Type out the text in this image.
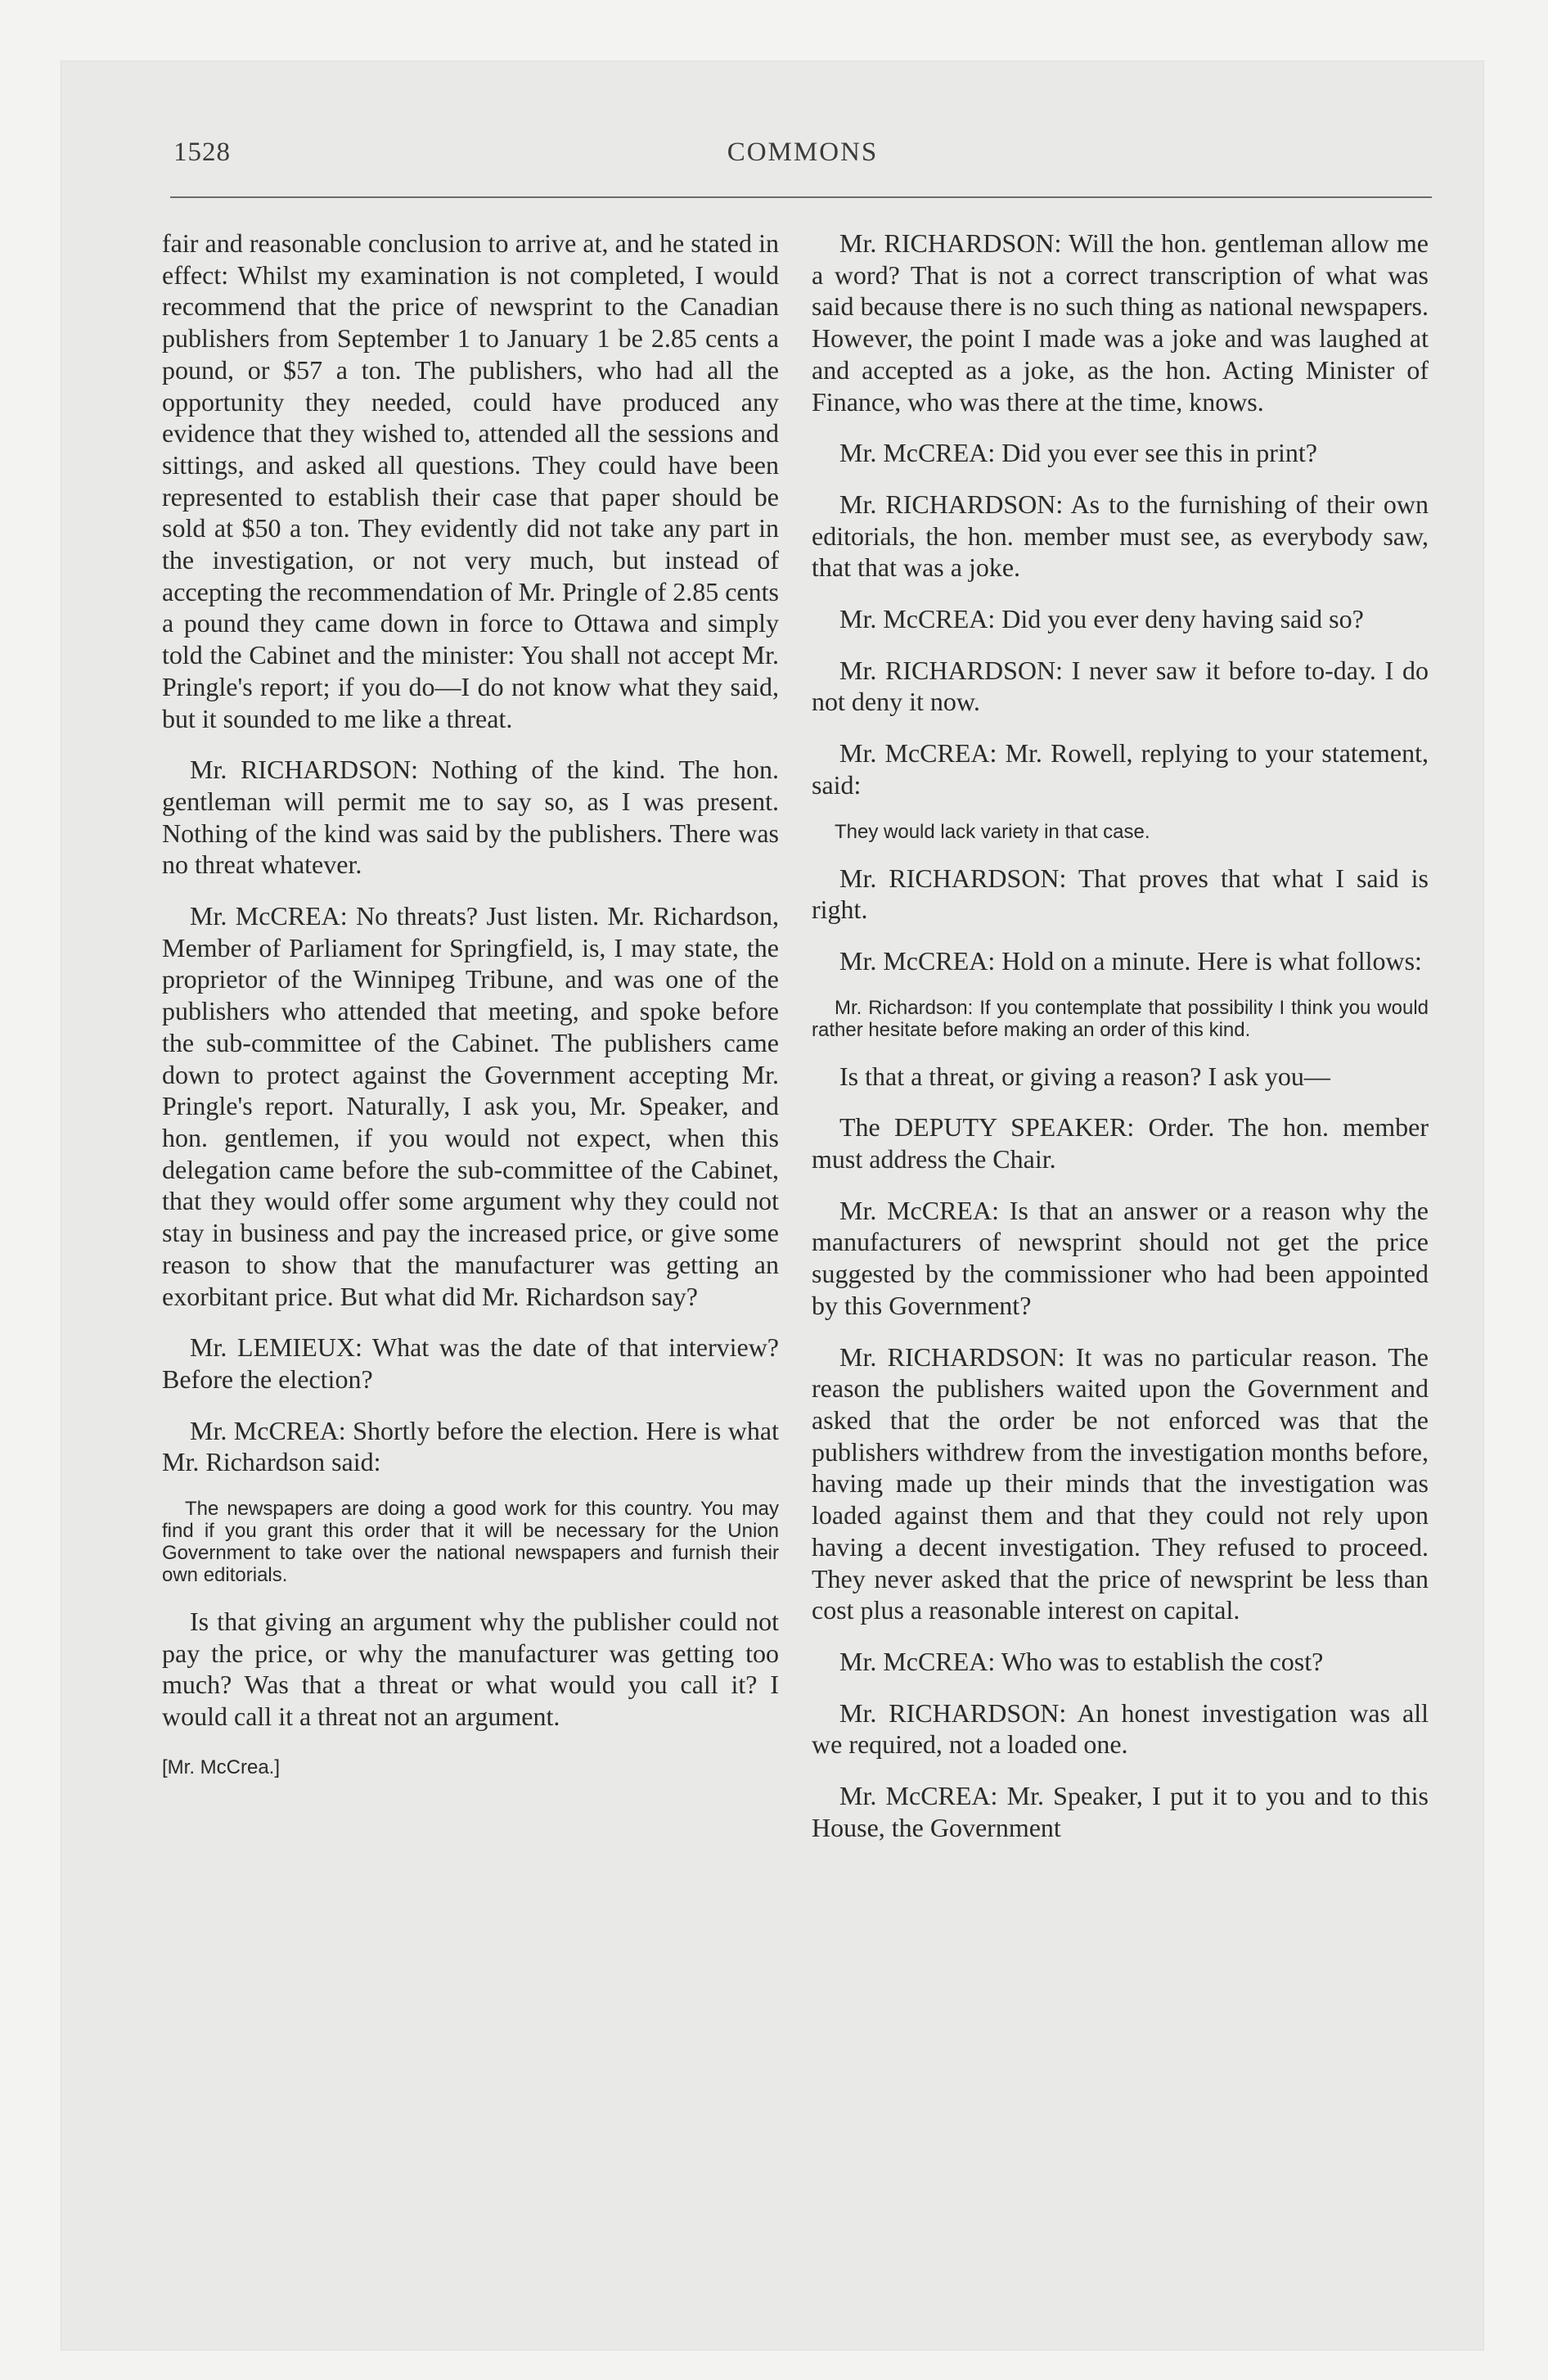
1528	COMMONS

fair and reasonable conclusion to arrive at, and he stated in effect: Whilst my examination is not completed, I would recommend that the price of newsprint to the Canadian publishers from September 1 to January 1 be 2.85 cents a pound, or $57 a ton. The publishers, who had all the opportunity they needed, could have produced any evidence that they wished to, attended all the sessions and sittings, and asked all questions. They could have been represented to establish their case that paper should be sold at $50 a ton. They evidently did not take any part in the investigation, or not very much, but instead of accepting the recommendation of Mr. Pringle of 2.85 cents a pound they came down in force to Ottawa and simply told the Cabinet and the minister: You shall not accept Mr. Pringle's report; if you do—I do not know what they said, but it sounded to me like a threat.

Mr. RICHARDSON: Nothing of the kind. The hon. gentleman will permit me to say so, as I was present. Nothing of the kind was said by the publishers. There was no threat whatever.

Mr. McCREA: No threats? Just listen. Mr. Richardson, Member of Parliament for Springfield, is, I may state, the proprietor of the Winnipeg Tribune, and was one of the publishers who attended that meeting, and spoke before the sub-committee of the Cabinet. The publishers came down to protect against the Government accepting Mr. Pringle's report. Naturally, I ask you, Mr. Speaker, and hon. gentlemen, if you would not expect, when this delegation came before the sub-committee of the Cabinet, that they would offer some argument why they could not stay in business and pay the increased price, or give some reason to show that the manufacturer was getting an exorbitant price. But what did Mr. Richardson say?

Mr. LEMIEUX: What was the date of that interview? Before the election?

Mr. McCREA: Shortly before the election. Here is what Mr. Richardson said:

The newspapers are doing a good work for this country. You may find if you grant this order that it will be necessary for the Union Government to take over the national newspapers and furnish their own editorials.

Is that giving an argument why the publisher could not pay the price, or why the manufacturer was getting too much? Was that a threat or what would you call it? I would call it a threat not an argument.

[Mr. McCrea.]

Mr. RICHARDSON: Will the hon. gentleman allow me a word? That is not a correct transcription of what was said because there is no such thing as national newspapers. However, the point I made was a joke and was laughed at and accepted as a joke, as the hon. Acting Minister of Finance, who was there at the time, knows.

Mr. McCREA: Did you ever see this in print?

Mr. RICHARDSON: As to the furnishing of their own editorials, the hon. member must see, as everybody saw, that that was a joke.

Mr. McCREA: Did you ever deny having said so?

Mr. RICHARDSON: I never saw it before to-day. I do not deny it now.

Mr. McCREA: Mr. Rowell, replying to your statement, said:

They would lack variety in that case.

Mr. RICHARDSON: That proves that what I said is right.

Mr. McCREA: Hold on a minute. Here is what follows:

Mr. Richardson: If you contemplate that possibility I think you would rather hesitate before making an order of this kind.

Is that a threat, or giving a reason? I ask you—

The DEPUTY SPEAKER: Order. The hon. member must address the Chair.

Mr. McCREA: Is that an answer or a reason why the manufacturers of newsprint should not get the price suggested by the commissioner who had been appointed by this Government?

Mr. RICHARDSON: It was no particular reason. The reason the publishers waited upon the Government and asked that the order be not enforced was that the publishers withdrew from the investigation months before, having made up their minds that the investigation was loaded against them and that they could not rely upon having a decent investigation. They refused to proceed. They never asked that the price of newsprint be less than cost plus a reasonable interest on capital.

Mr. McCREA: Who was to establish the cost?

Mr. RICHARDSON: An honest investigation was all we required, not a loaded one.

Mr. McCREA: Mr. Speaker, I put it to you and to this House, the Government
